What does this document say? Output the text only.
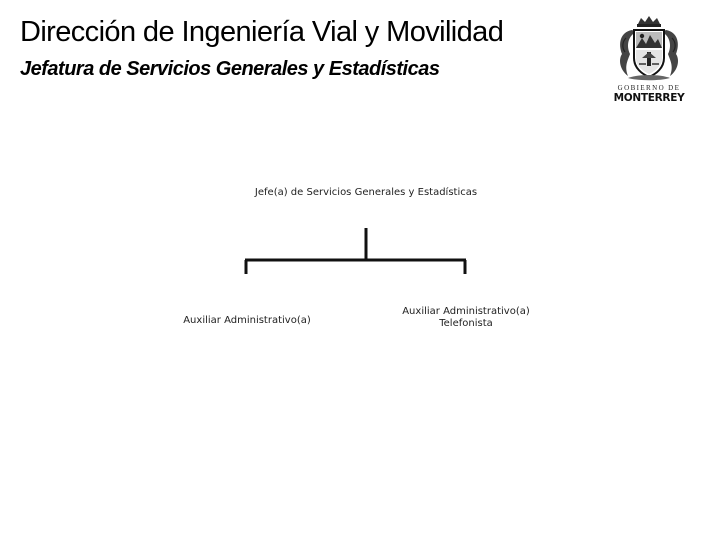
Dirección de Ingeniería Vial y Movilidad
Jefatura de Servicios Generales y Estadísticas
GOBIERNO DE
MONTERREY
Jefe(a) de Servicios Generales y Estadísticas
Auxiliar Administrativo(a)
Auxiliar Administrativo(a)
Telefonista
